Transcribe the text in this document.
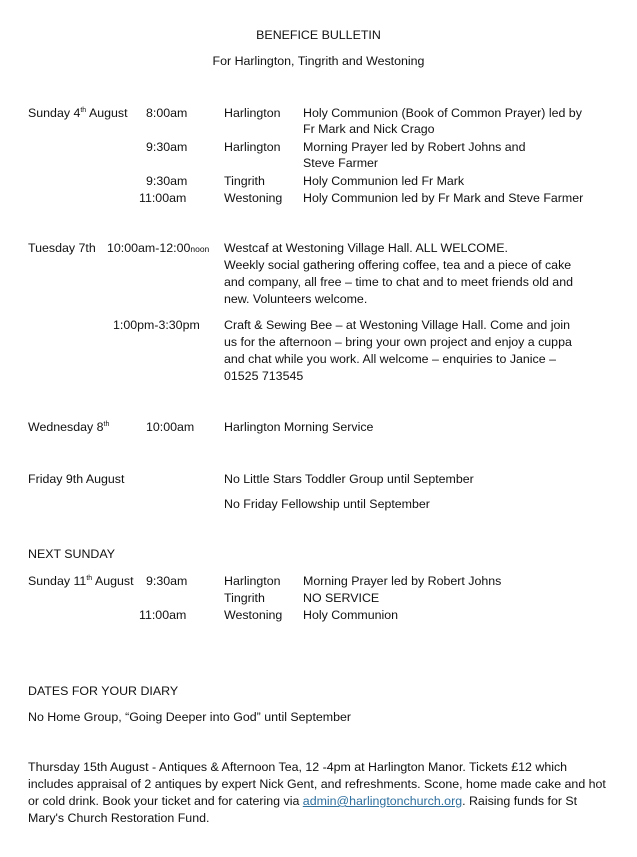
BENEFICE BULLETIN
For Harlington, Tingrith and Westoning
Sunday 4th August 8:00am	Harlington Holy Communion (Book of Common Prayer) led by
Fr Mark and Nick Crago
9:30am	Harlington Morning Prayer led by Robert Johns and
Steve Farmer
9:30am	Tingrith	Holy Communion led Fr Mark
11:00am	Westoning Holy Communion led by Fr Mark and Steve Farmer
Tuesday 7th 10:00am-12:00noon Westcaf at Westoning Village Hall. ALL WELCOME.
Weekly social gathering offering coffee, tea and a piece of cake
and company, all free – time to chat and to meet friends old and
new. Volunteers welcome.
1:00pm-3:30pm Craft & Sewing Bee – at Westoning Village Hall. Come and join
us for the afternoon – bring your own project and enjoy a cuppa
and chat while you work. All welcome – enquiries to Janice –
01525 713545
Wednesday 8th	10:00am Harlington Morning Service
Friday 9th August	No Little Stars Toddler Group until September
No Friday Fellowship until September
NEXT SUNDAY
Sunday 11th August 9:30am	Harlington Morning Prayer led by Robert Johns
Tingrith	NO SERVICE
11:00am	Westoning Holy Communion
DATES FOR YOUR DIARY
No Home Group, “Going Deeper into God” until September
Thursday 15th August - Antiques & Afternoon Tea, 12 -4pm at Harlington Manor. Tickets £12 which includes appraisal of 2 antiques by expert Nick Gent, and refreshments. Scone, home made cake and hot or cold drink. Book your ticket and for catering via admin@harlingtonchurch.org. Raising funds for St Mary's Church Restoration Fund.
